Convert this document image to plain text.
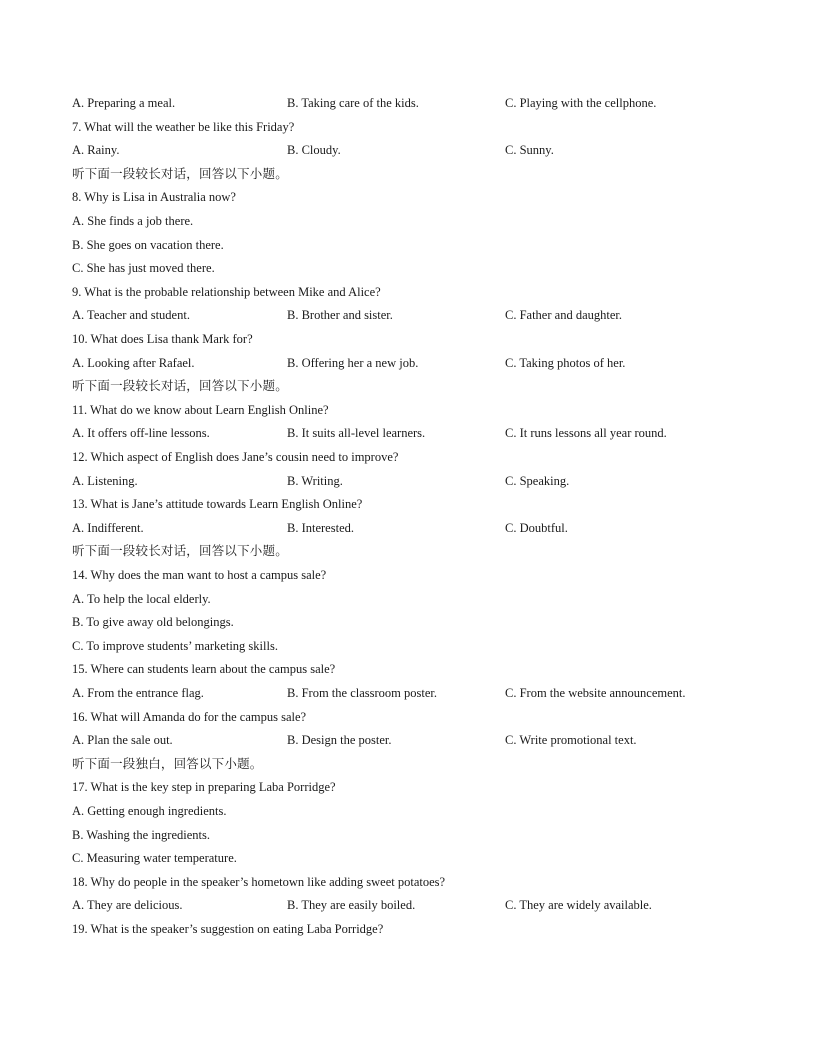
A. Preparing a meal.	B. Taking care of the kids.	C. Playing with the cellphone.
7. What will the weather be like this Friday?
A. Rainy.	B. Cloudy.	C. Sunny.
听下面一段较长对话，回答以下小题。
8. Why is Lisa in Australia now?
A. She finds a job there.
B. She goes on vacation there.
C. She has just moved there.
9. What is the probable relationship between Mike and Alice?
A. Teacher and student.	B. Brother and sister.	C. Father and daughter.
10. What does Lisa thank Mark for?
A. Looking after Rafael.	B. Offering her a new job.	C. Taking photos of her.
听下面一段较长对话，回答以下小题。
11. What do we know about Learn English Online?
A. It offers off-line lessons.	B. It suits all-level learners.	C. It runs lessons all year round.
12. Which aspect of English does Jane’s cousin need to improve?
A. Listening.	B. Writing.	C. Speaking.
13. What is Jane’s attitude towards Learn English Online?
A. Indifferent.	B. Interested.	C. Doubtful.
听下面一段较长对话，回答以下小题。
14. Why does the man want to host a campus sale?
A. To help the local elderly.
B. To give away old belongings.
C. To improve students’ marketing skills.
15. Where can students learn about the campus sale?
A. From the entrance flag.	B. From the classroom poster.	C. From the website announcement.
16. What will Amanda do for the campus sale?
A. Plan the sale out.	B. Design the poster.	C. Write promotional text.
听下面一段独白，回答以下小题。
17. What is the key step in preparing Laba Porridge?
A. Getting enough ingredients.
B. Washing the ingredients.
C. Measuring water temperature.
18. Why do people in the speaker’s hometown like adding sweet potatoes?
A. They are delicious.	B. They are easily boiled.	C. They are widely available.
19. What is the speaker’s suggestion on eating Laba Porridge?
